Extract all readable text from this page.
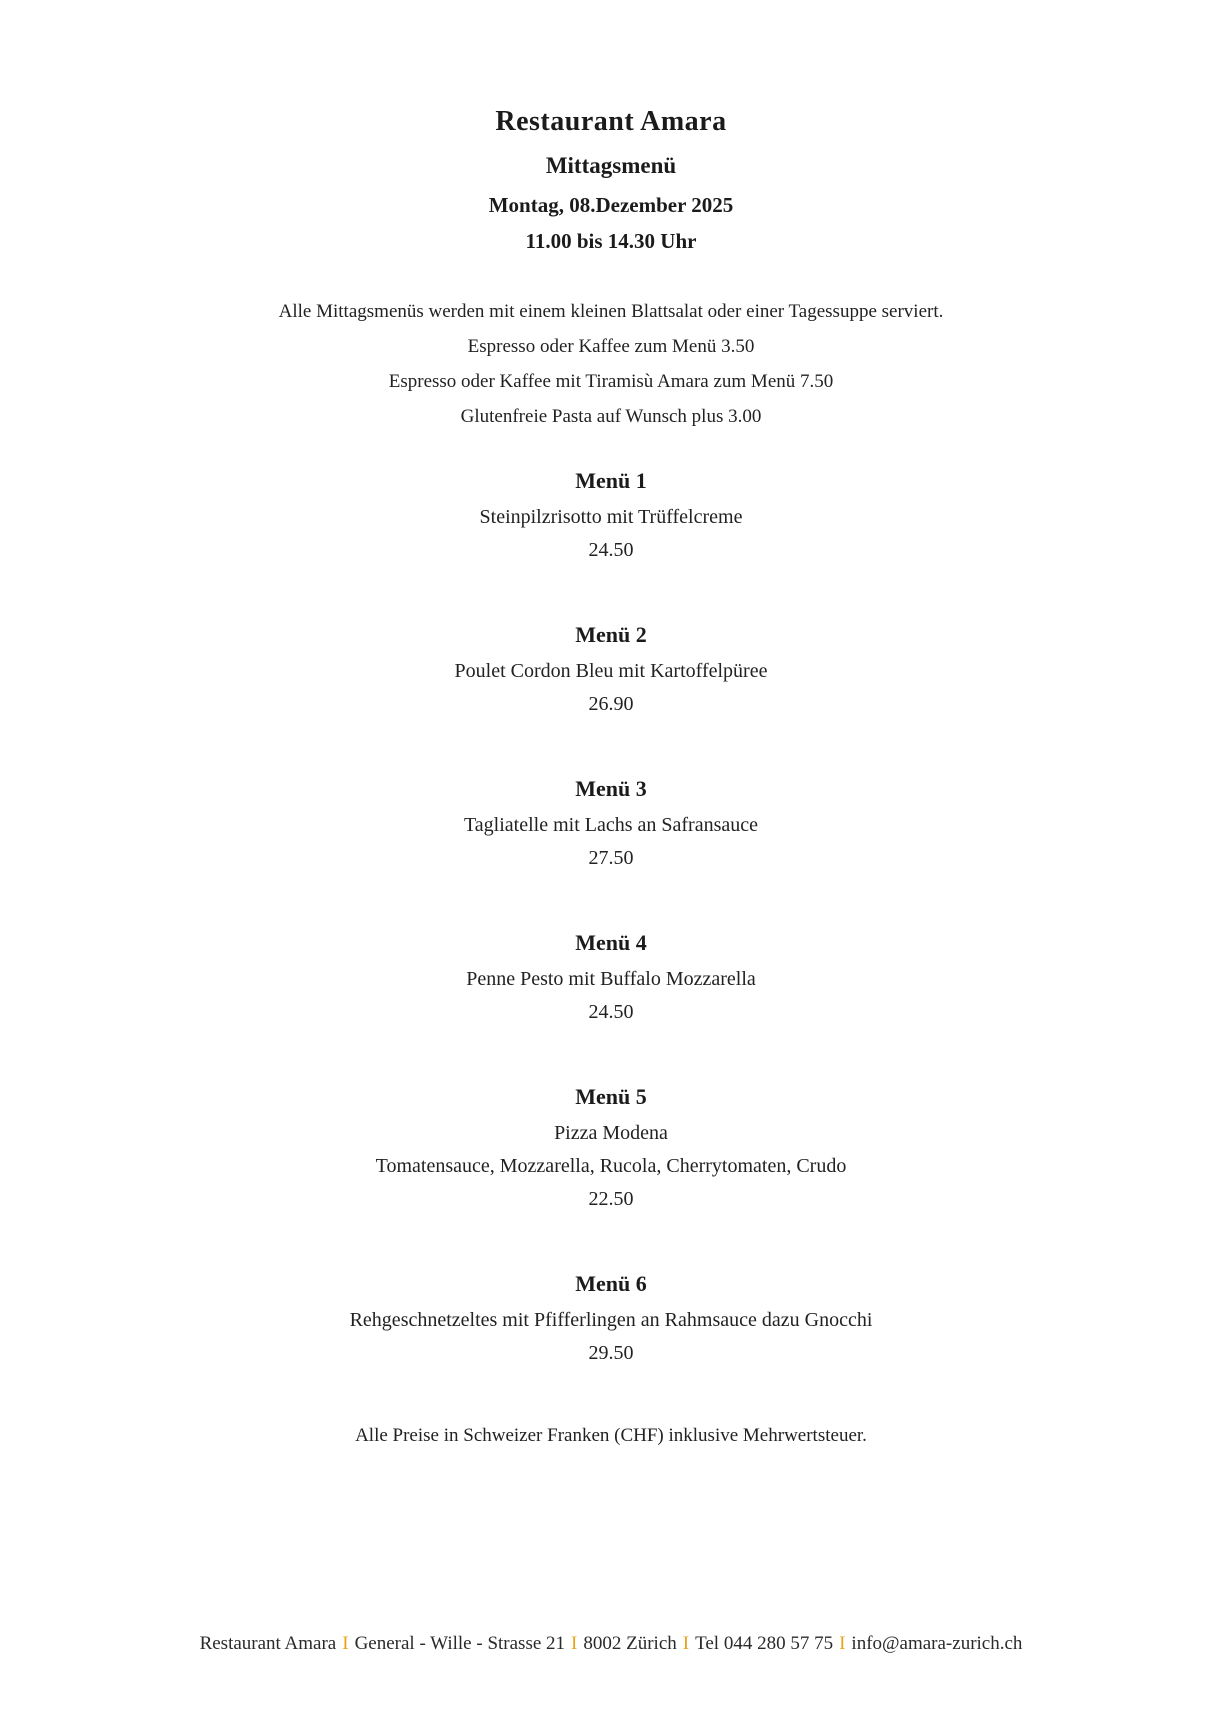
Restaurant Amara
Mittagsmenü
Montag, 08.Dezember 2025
11.00 bis 14.30 Uhr

Alle Mittagsmenüs werden mit einem kleinen Blattsalat oder einer Tagessuppe serviert.

Espresso oder Kaffee zum Menü 3.50

Espresso oder Kaffee mit Tiramisù Amara zum Menü 7.50

Glutenfreie Pasta auf Wunsch plus 3.00

Menü 1
Steinpilzrisotto mit Trüffelcreme
24.50
Menü 2
Poulet Cordon Bleu mit Kartoffelpüree
26.90
Menü 3
Tagliatelle mit Lachs an Safransauce
27.50
Menü 4
Penne Pesto mit Buffalo Mozzarella
24.50
Menü 5
Pizza Modena
Tomatensauce, Mozzarella, Rucola, Cherrytomaten, Crudo
22.50
Menü 6
Rehgeschnetzeltes mit Pfifferlingen an Rahmsauce dazu Gnocchi
29.50

Alle Preise in Schweizer Franken (CHF) inklusive Mehrwertsteuer.

Restaurant Amara I General - Wille - Strasse 21 I 8002 Zürich I Tel 044 280 57 75 I info@amara-zurich.ch
